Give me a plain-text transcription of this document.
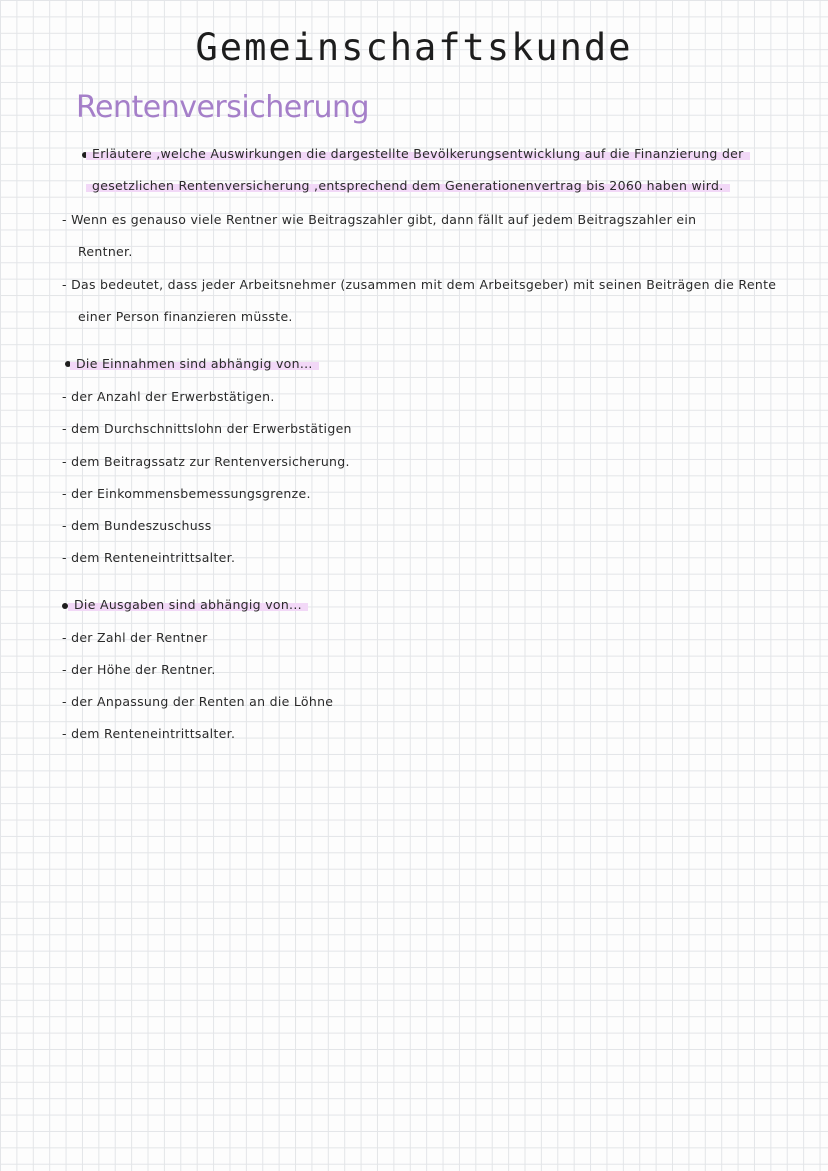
Gemeinschaftskunde
Rentenversicherung
Erläutere ,welche Auswirkungen die dargestellte Bevölkerungsentwicklung auf die Finanzierung der
gesetzlichen Rentenversicherung ,entsprechend dem Generationenvertrag bis 2060 haben wird.
- Wenn es genauso viele Rentner wie Beitragszahler gibt, dann fällt auf jedem Beitragszahler ein
Rentner.
- Das bedeutet, dass jeder Arbeitsnehmer (zusammen mit dem Arbeitsgeber) mit seinen Beiträgen die Rente
einer Person finanzieren müsste.
Die Einnahmen sind abhängig von...
- der Anzahl der Erwerbstätigen.
- dem Durchschnittslohn der Erwerbstätigen
- dem Beitragssatz zur Rentenversicherung.
- der Einkommensbemessungsgrenze.
- dem Bundeszuschuss
- dem Renteneintrittsalter.
Die Ausgaben sind abhängig von...
- der Zahl der Rentner
- der Höhe der Rentner.
- der Anpassung der Renten an die Löhne
- dem Renteneintrittsalter.
